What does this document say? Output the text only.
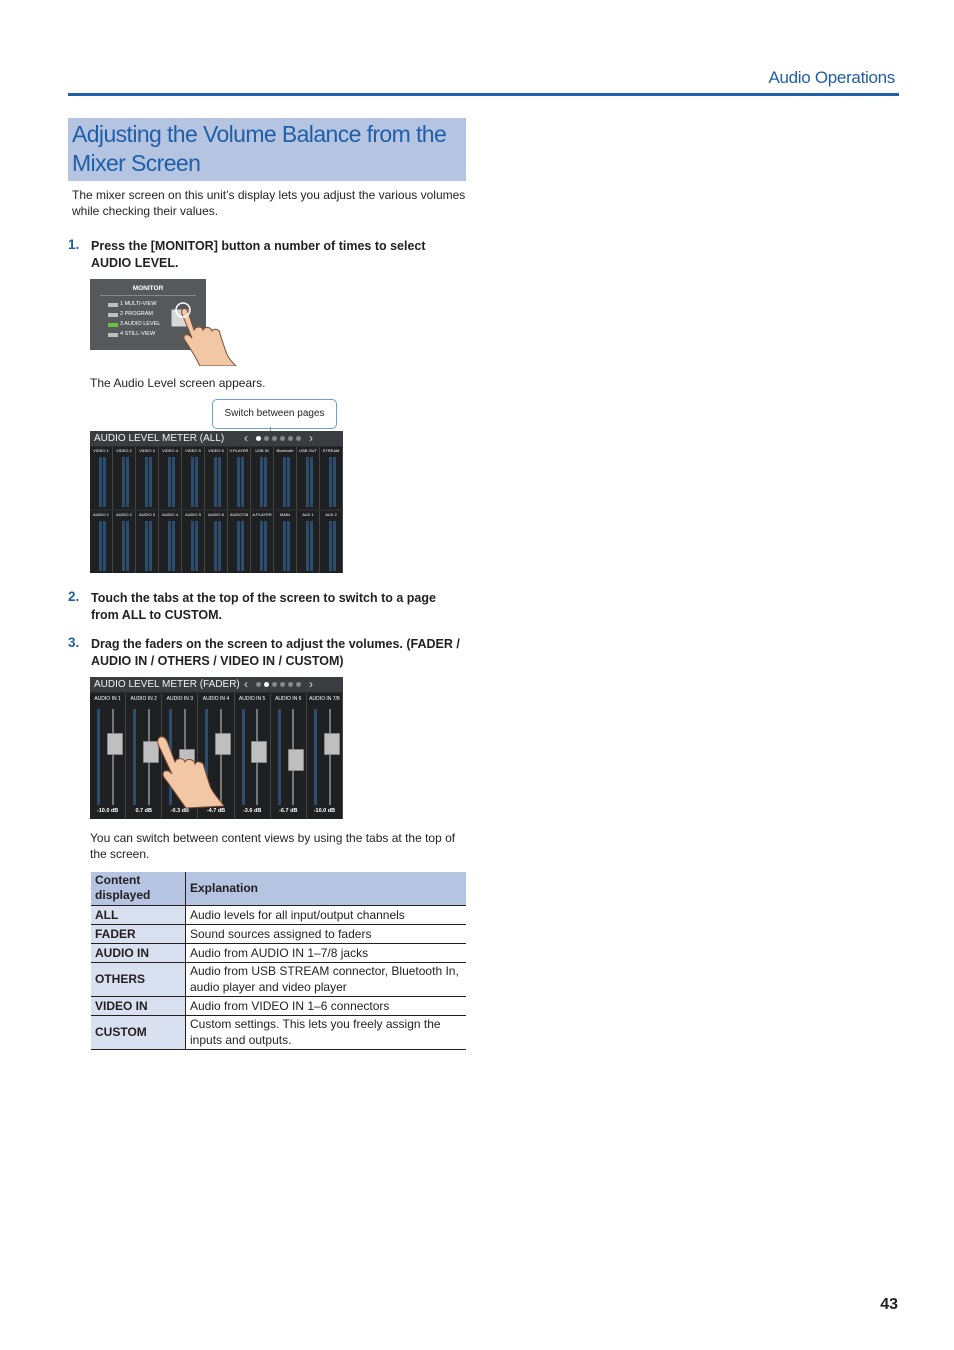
Audio Operations
Adjusting the Volume Balance from the Mixer Screen
The mixer screen on this unit’s display lets you adjust the various volumes while checking their values.
1. Press the [MONITOR] button a number of times to select AUDIO LEVEL.
MONITOR
1 MULTI-VIEW
2 PROGRAM
3 AUDIO LEVEL
4 STILL-VIEW
The Audio Level screen appears.
Switch between pages
AUDIO LEVEL METER (ALL) ‹	›
VIDEO 1	VIDEO 2	VIDEO 3	VIDEO 4	VIDEO 5	VIDEO 6	V.PLAYER	USB IN	Bluetooth	USB OUT	STREAM
AUDIO 1	AUDIO 2	AUDIO 3	AUDIO 4	AUDIO 5	AUDIO 6	AUDIO7/8	A.PLAYER	MAIN	AUX 1	AUX 2
2. Touch the tabs at the top of the screen to switch to a page from ALL to CUSTOM.
3. Drag the faders on the screen to adjust the volumes. (FADER / AUDIO IN / OTHERS / VIDEO IN / CUSTOM)
AUDIO LEVEL METER (FADER) ‹	›
AUDIO IN 1
-10.0 dB
AUDIO IN 2
0.7 dB
AUDIO IN 3
-0.3 dB
AUDIO IN 4
-4.7 dB
AUDIO IN 5
-3.6 dB
AUDIO IN 6
-6.7 dB
AUDIO IN 7/8
-10.0 dB
You can switch between content views by using the tabs at the top of the screen.
Content displayed	Explanation
ALL	Audio levels for all input/output channels
FADER	Sound sources assigned to faders
AUDIO IN	Audio from AUDIO IN 1–7/8 jacks
OTHERS	Audio from USB STREAM connector, Bluetooth In, audio player and video player
VIDEO IN	Audio from VIDEO IN 1–6 connectors
CUSTOM	Custom settings. This lets you freely assign the inputs and outputs.
43
